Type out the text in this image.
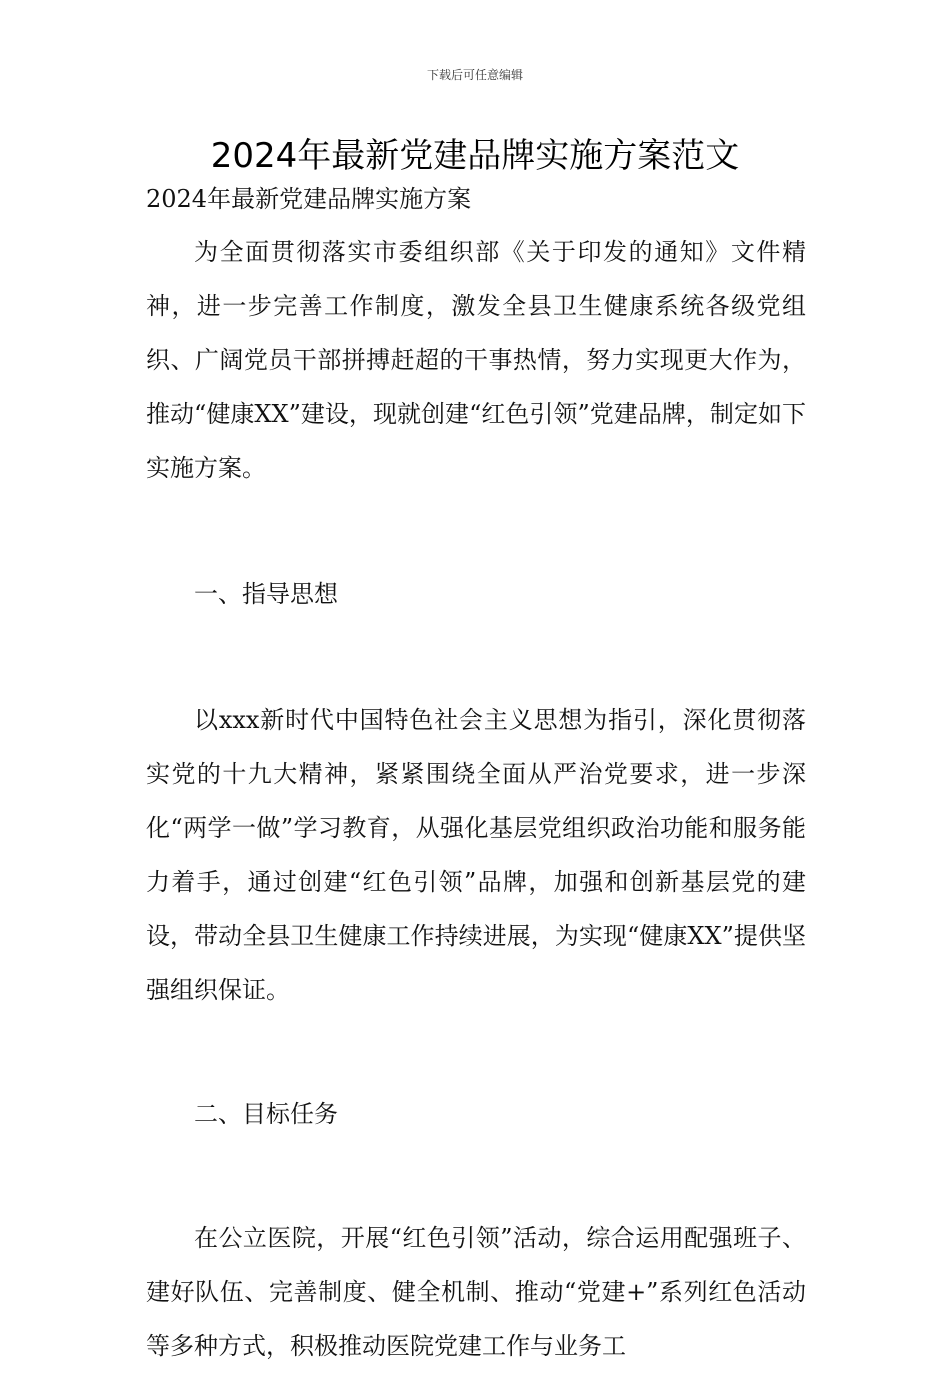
下载后可任意编辑
2024年最新党建品牌实施方案范文

2024年最新党建品牌实施方案

为全面贯彻落实市委组织部《关于印发的通知》文件精神，进一步完善工作制度，激发全县卫生健康系统各级党组织、广阔党员干部拼搏赶超的干事热情，努力实现更大作为，推动“健康XX”建设，现就创建“红色引领”党建品牌，制定如下实施方案。

一、指导思想

以xxx新时代中国特色社会主义思想为指引，深化贯彻落实党的十九大精神，紧紧围绕全面从严治党要求，进一步深化“两学一做”学习教育，从强化基层党组织政治功能和服务能力着手，通过创建“红色引领”品牌，加强和创新基层党的建设，带动全县卫生健康工作持续进展，为实现“健康XX”提供坚强组织保证。

二、目标任务

在公立医院，开展“红色引领”活动，综合运用配强班子、建好队伍、完善制度、健全机制、推动“党建+”系列红色活动等多种方式，积极推动医院党建工作与业务工
